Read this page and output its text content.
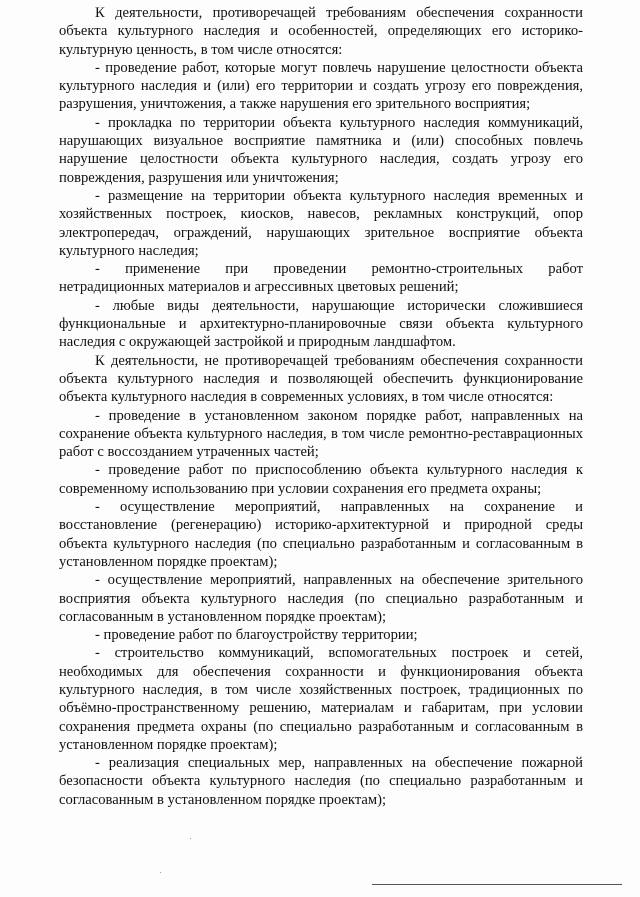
К деятельности, противоречащей требованиям обеспечения сохранности объекта культурного наследия и особенностей, определяющих его историко-культурную ценность, в том числе относятся:

- проведение работ, которые могут повлечь нарушение целостности объекта культурного наследия и (или) его территории и создать угрозу его повреждения, разрушения, уничтожения, а также нарушения его зрительного восприятия;

- прокладка по территории объекта культурного наследия коммуникаций, нарушающих визуальное восприятие памятника и (или) способных повлечь нарушение целостности объекта культурного наследия, создать угрозу его повреждения, разрушения или уничтожения;

- размещение на территории объекта культурного наследия временных и хозяйственных построек, киосков, навесов, рекламных конструкций, опор электропередач, ограждений, нарушающих зрительное восприятие объекта культурного наследия;

- применение при проведении ремонтно-строительных работ нетрадиционных материалов и агрессивных цветовых решений;

- любые виды деятельности, нарушающие исторически сложившиеся функциональные и архитектурно-планировочные связи объекта культурного наследия с окружающей застройкой и природным ландшафтом.

К деятельности, не противоречащей требованиям обеспечения сохранности объекта культурного наследия и позволяющей обеспечить функционирование объекта культурного наследия в современных условиях, в том числе относятся:

- проведение в установленном законом порядке работ, направленных на сохранение объекта культурного наследия, в том числе ремонтно-реставрационных работ с воссозданием утраченных частей;

- проведение работ по приспособлению объекта культурного наследия к современному использованию при условии сохранения его предмета охраны;

- осуществление мероприятий, направленных на сохранение и восстановление (регенерацию) историко-архитектурной и природной среды объекта культурного наследия (по специально разработанным и согласованным в установленном порядке проектам);

- осуществление мероприятий, направленных на обеспечение зрительного восприятия объекта культурного наследия (по специально разработанным и согласованным в установленном порядке проектам);

- проведение работ по благоустройству территории;

- строительство коммуникаций, вспомогательных построек и сетей, необходимых для обеспечения сохранности и функционирования объекта культурного наследия, в том числе хозяйственных построек, традиционных по объёмно-пространственному решению, материалам и габаритам, при условии сохранения предмета охраны (по специально разработанным и согласованным в установленном порядке проектам);

- реализация специальных мер, направленных на обеспечение пожарной безопасности объекта культурного наследия (по специально разработанным и согласованным в установленном порядке проектам);
